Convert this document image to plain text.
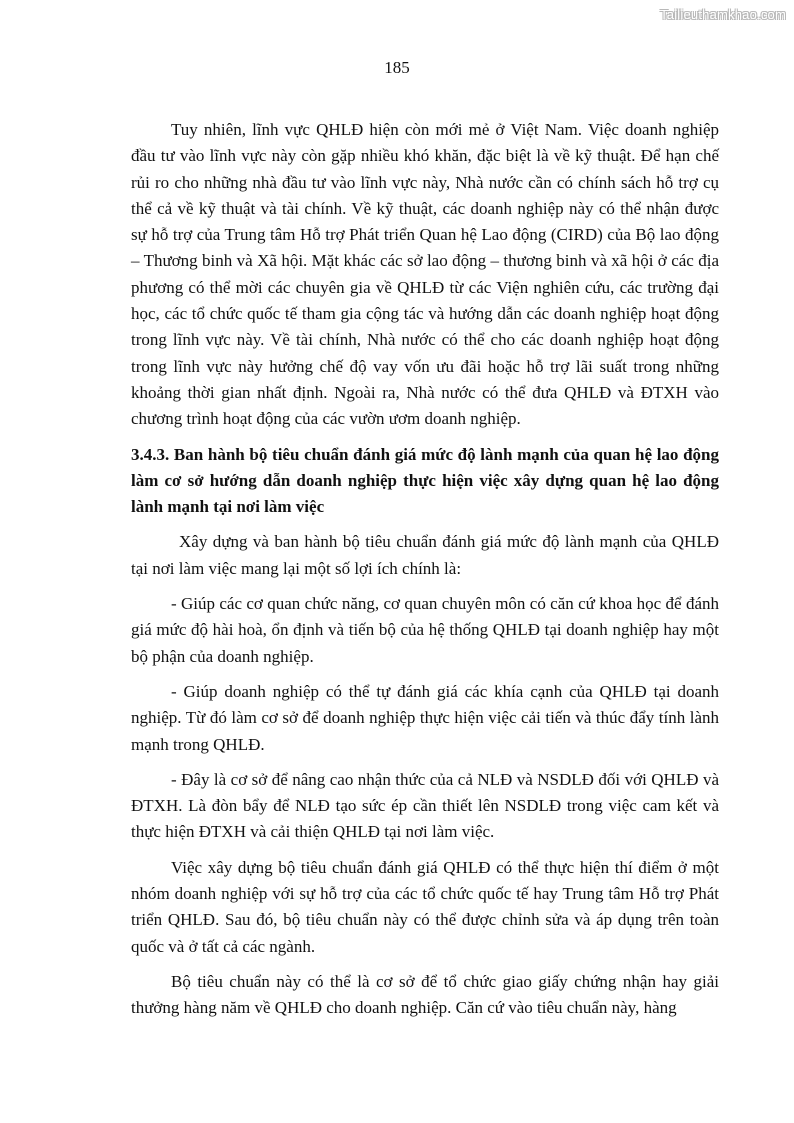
Tailieuthamkhao.com
185

Tuy nhiên, lĩnh vực QHLĐ hiện còn mới mẻ ở Việt Nam. Việc doanh nghiệp đầu tư vào lĩnh vực này còn gặp nhiều khó khăn, đặc biệt là về kỹ thuật. Để hạn chế rủi ro cho những nhà đầu tư vào lĩnh vực này, Nhà nước cần có chính sách hỗ trợ cụ thể cả về kỹ thuật và tài chính. Về kỹ thuật, các doanh nghiệp này có thể nhận được sự hỗ trợ của Trung tâm Hỗ trợ Phát triển Quan hệ Lao động (CIRD) của Bộ lao động – Thương binh và Xã hội. Mặt khác các sở lao động – thương binh và xã hội ở các địa phương có thể mời các chuyên gia về QHLĐ từ các Viện nghiên cứu, các trường đại học, các tổ chức quốc tế tham gia cộng tác và hướng dẫn các doanh nghiệp hoạt động trong lĩnh vực này. Về tài chính, Nhà nước có thể cho các doanh nghiệp hoạt động trong lĩnh vực này hưởng chế độ vay vốn ưu đãi hoặc hỗ trợ lãi suất trong những khoảng thời gian nhất định. Ngoài ra, Nhà nước có thể đưa QHLĐ và ĐTXH vào chương trình hoạt động của các vườn ươm doanh nghiệp.

3.4.3. Ban hành bộ tiêu chuẩn đánh giá mức độ lành mạnh của quan hệ lao động làm cơ sở hướng dẫn doanh nghiệp thực hiện việc xây dựng quan hệ lao động lành mạnh tại nơi làm việc

Xây dựng và ban hành bộ tiêu chuẩn đánh giá mức độ lành mạnh của QHLĐ tại nơi làm việc mang lại một số lợi ích chính là:

- Giúp các cơ quan chức năng, cơ quan chuyên môn có căn cứ khoa học để đánh giá mức độ hài hoà, ổn định và tiến bộ của hệ thống QHLĐ tại doanh nghiệp hay một bộ phận của doanh nghiệp.

- Giúp doanh nghiệp có thể tự đánh giá các khía cạnh của QHLĐ tại doanh nghiệp. Từ đó làm cơ sở để doanh nghiệp thực hiện việc cải tiến và thúc đẩy tính lành mạnh trong QHLĐ.

- Đây là cơ sở để nâng cao nhận thức của cả NLĐ và NSDLĐ đối với QHLĐ và ĐTXH. Là đòn bẩy để NLĐ tạo sức ép cần thiết lên NSDLĐ trong việc cam kết và thực hiện ĐTXH và cải thiện QHLĐ tại nơi làm việc.

Việc xây dựng bộ tiêu chuẩn đánh giá QHLĐ có thể thực hiện thí điểm ở một nhóm doanh nghiệp với sự hỗ trợ của các tổ chức quốc tế hay Trung tâm Hỗ trợ Phát triển QHLĐ. Sau đó, bộ tiêu chuẩn này có thể được chỉnh sửa và áp dụng trên toàn quốc và ở tất cả các ngành.

Bộ tiêu chuẩn này có thể là cơ sở để tổ chức giao giấy chứng nhận hay giải thưởng hàng năm về QHLĐ cho doanh nghiệp. Căn cứ vào tiêu chuẩn này, hàng
